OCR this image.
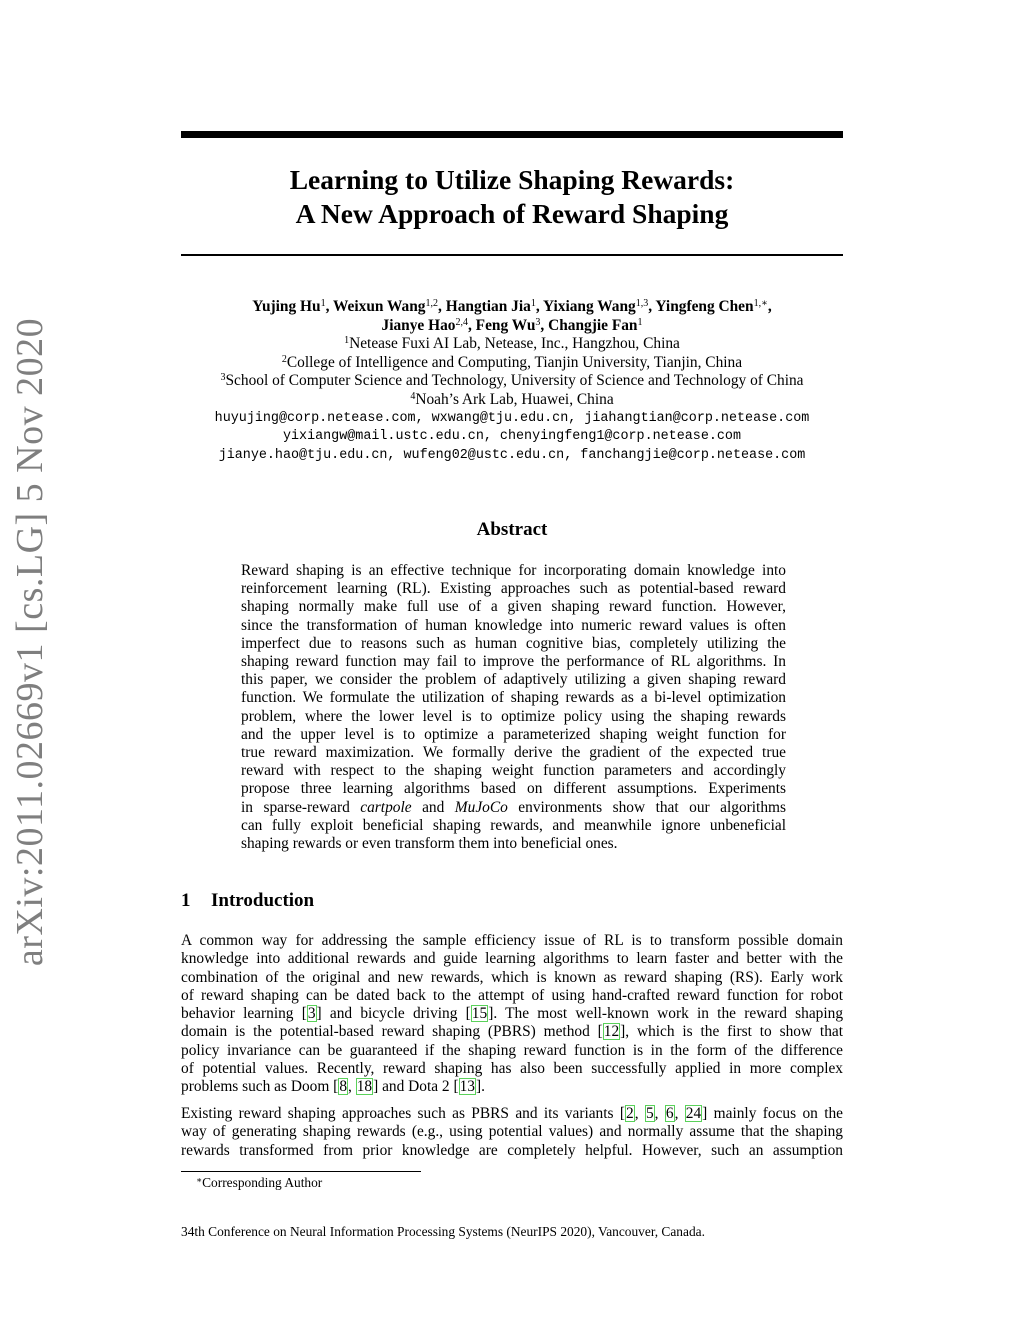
arXiv:2011.02669v1 [cs.LG] 5 Nov 2020
Learning to Utilize Shaping Rewards:
A New Approach of Reward Shaping
Yujing Hu$^1$, Weixun Wang$^{1,2}$, Hangtian Jia$^1$, Yixiang Wang$^{1,3}$, Yingfeng Chen$^{1,∗}$,
Jianye Hao$^{2,4}$, Feng Wu$^3$, Changjie Fan$^1$
$^1$Netease Fuxi AI Lab, Netease, Inc., Hangzhou, China
$^2$College of Intelligence and Computing, Tianjin University, Tianjin, China
$^3$School of Computer Science and Technology, University of Science and Technology of China
$^4$Noah’s Ark Lab, Huawei, China
huyujing@corp.netease.com, wxwang@tju.edu.cn, jiahangtian@corp.netease.com
yixiangw@mail.ustc.edu.cn, chenyingfeng1@corp.netease.com
jianye.hao@tju.edu.cn, wufeng02@ustc.edu.cn, fanchangjie@corp.netease.com
Abstract
Reward shaping is an effective technique for incorporating domain knowledge into
reinforcement learning (RL). Existing approaches such as potential-based reward
shaping normally make full use of a given shaping reward function. However,
since the transformation of human knowledge into numeric reward values is often
imperfect due to reasons such as human cognitive bias, completely utilizing the
shaping reward function may fail to improve the performance of RL algorithms. In
this paper, we consider the problem of adaptively utilizing a given shaping reward
function. We formulate the utilization of shaping rewards as a bi-level optimization
problem, where the lower level is to optimize policy using the shaping rewards
and the upper level is to optimize a parameterized shaping weight function for
true reward maximization. We formally derive the gradient of the expected true
reward with respect to the shaping weight function parameters and accordingly
propose three learning algorithms based on different assumptions. Experiments
in sparse-reward cartpole and MuJoCo environments show that our algorithms
can fully exploit beneficial shaping rewards, and meanwhile ignore unbeneficial
shaping rewards or even transform them into beneficial ones.
1 Introduction
A common way for addressing the sample efficiency issue of RL is to transform possible domain
knowledge into additional rewards and guide learning algorithms to learn faster and better with the
combination of the original and new rewards, which is known as reward shaping (RS). Early work
of reward shaping can be dated back to the attempt of using hand-crafted reward function for robot
behavior learning [3] and bicycle driving [15]. The most well-known work in the reward shaping
domain is the potential-based reward shaping (PBRS) method [12], which is the first to show that
policy invariance can be guaranteed if the shaping reward function is in the form of the difference
of potential values. Recently, reward shaping has also been successfully applied in more complex
problems such as Doom [8, 18] and Dota 2 [13].
Existing reward shaping approaches such as PBRS and its variants [2, 5, 6, 24] mainly focus on the
way of generating shaping rewards (e.g., using potential values) and normally assume that the shaping
rewards transformed from prior knowledge are completely helpful. However, such an assumption
∗Corresponding Author
34th Conference on Neural Information Processing Systems (NeurIPS 2020), Vancouver, Canada.
